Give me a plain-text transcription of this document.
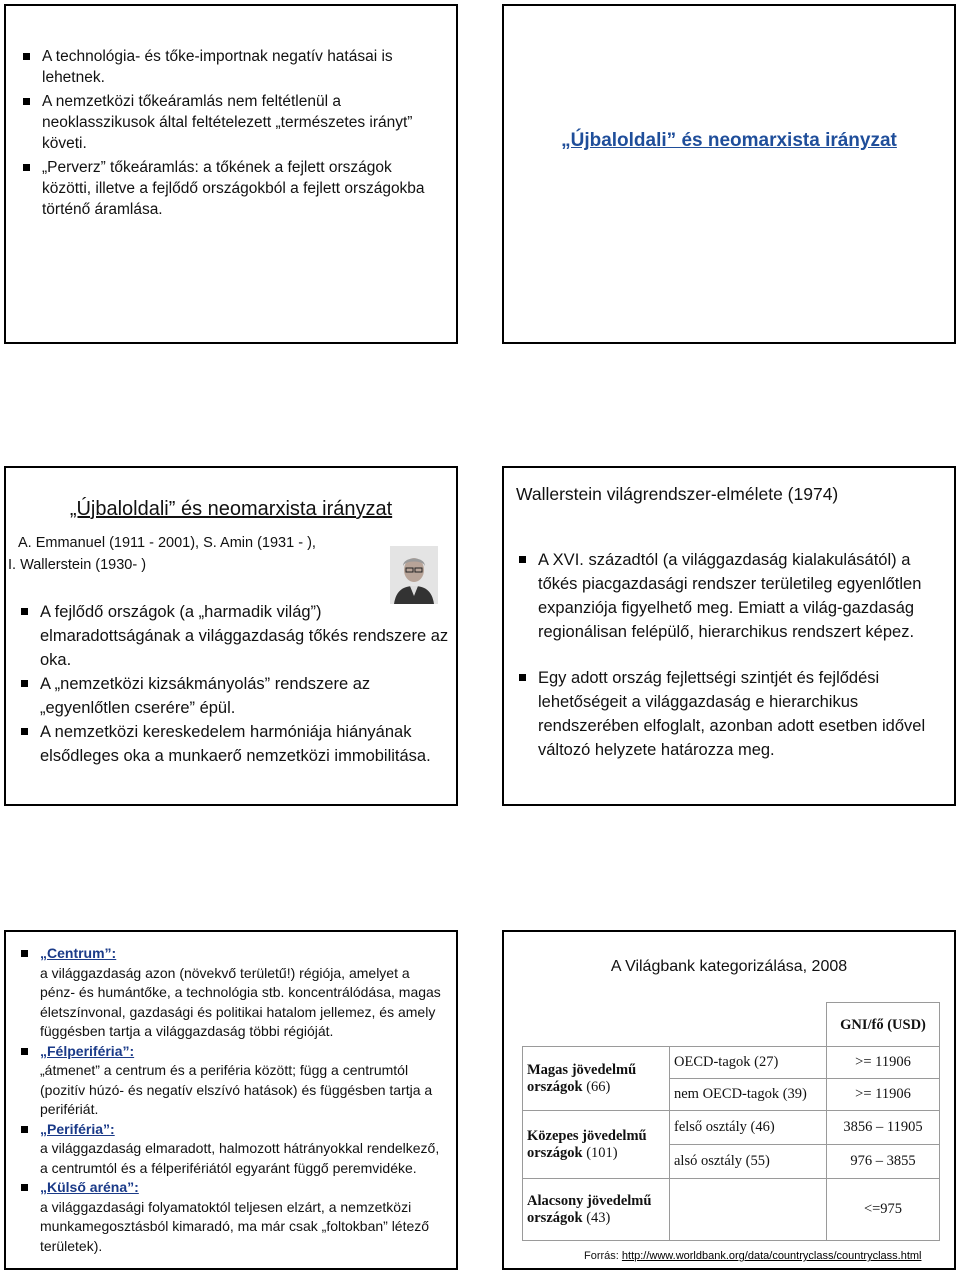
A technológia- és tőke-importnak negatív hatásai is lehetnek.
A nemzetközi tőkeáramlás nem feltétlenül a neoklasszikusok által feltételezett „természetes irányt” követi.
„Perverz” tőkeáramlás: a tőkének a fejlett országok közötti, illetve a fejlődő országokból a fejlett országokba történő áramlása.
„Újbaloldali” és neomarxista irányzat
„Újbaloldali” és neomarxista irányzat
A. Emmanuel (1911 - 2001), S. Amin (1931 - ),
I. Wallerstein (1930- )
A fejlődő országok (a „harmadik világ”) elmaradottságának a világgazdaság tőkés rendszere az oka.
A „nemzetközi kizsákmányolás” rendszere az „egyenlőtlen cserére” épül.
A nemzetközi kereskedelem harmóniája hiányának elsődleges oka a munkaerő nemzetközi immobilitása.
Wallerstein világrendszer-elmélete (1974)
A XVI. századtól (a világgazdaság kialakulásától) a tőkés piacgazdasági rendszer területileg egyenlőtlen expanziója figyelhető meg. Emiatt a világ-gazdaság regionálisan felépülő, hierarchikus rendszert képez.
Egy adott ország fejlettségi szintjét és fejlődési lehetőségeit a világgazdaság e hierarchikus rendszerében elfoglalt, azonban adott esetben idővel változó helyzete határozza meg.
„Centrum”:
a világgazdaság azon (növekvő területű!) régiója, amelyet a pénz- és humántőke, a technológia stb. koncentrálódása, magas életszínvonal, gazdasági és politikai hatalom jellemez, és amely függésben tartja a világgazdaság többi régióját.
„Félperiféria”:
„átmenet” a centrum és a periféria között; függ a centrumtól (pozitív húzó- és negatív elszívó hatások) és függésben tartja a perifériát.
„Periféria”:
a világgazdaság elmaradott, halmozott hátrányokkal rendelkező, a centrumtól és a félperifériától egyaránt függő peremvidéke.
„Külső aréna”:
a világgazdasági folyamatoktól teljesen elzárt, a nemzetközi munkamegosztásból kimaradó, ma már csak „foltokban” létező területek).
A Világbank kategorizálása, 2008
		GNI/fő (USD)

Magas jövedelmű
országok (66)	OECD-tagok (27)	>= 11906
	nem OECD-tagok (39)	>= 11906

Közepes jövedelmű
országok (101)	felső osztály (46)	3856 – 11905
	alsó osztály (55)	976 – 3855

Alacsony jövedelmű
országok (43)		<=975
Forrás: http://www.worldbank.org/data/countryclass/countryclass.html
